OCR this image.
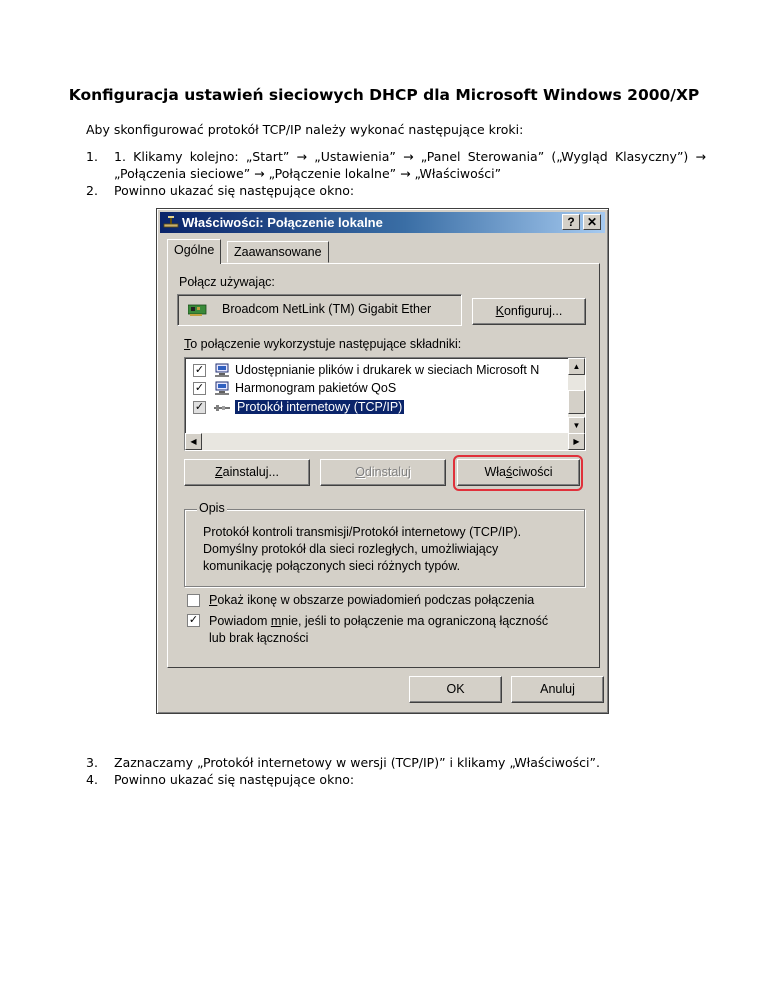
Konfiguracja ustawień sieciowych DHCP dla Microsoft Windows 2000/XP
Aby skonfigurować protokół TCP/IP należy wykonać następujące kroki:
1. 1. Klikamy kolejno: „Start” → „Ustawienia” → „Panel Sterowania” („Wygląd Klasyczny”) →
„Połączenia sieciowe” → „Połączenie lokalne” → „Właściwości”
2. Powinno ukazać się następujące okno:
Właściwości: Połączenie lokalne	?	✕
Ogólne	Zaawansowane
Połącz używając:
Broadcom NetLink (TM) Gigabit Ether	Konfiguruj...
To połączenie wykorzystuje następujące składniki:
✓ Udostępnianie plików i drukarek w sieciach Microsoft N
✓ Harmonogram pakietów QoS
✓	Protokół internetowy (TCP/IP)
▲
▼
◀	▶
Zainstaluj...	Odinstaluj	Właściwości
Opis
Protokół kontroli transmisji/Protokół internetowy (TCP/IP).
Domyślny protokół dla sieci rozległych, umożliwiający
komunikację połączonych sieci różnych typów.
Pokaż ikonę w obszarze powiadomień podczas połączenia
✓ Powiadom mnie, jeśli to połączenie ma ograniczoną łączność
lub brak łączności
OK	Anuluj
3. Zaznaczamy „Protokół internetowy w wersji (TCP/IP)” i klikamy „Właściwości”.
4. Powinno ukazać się następujące okno:
